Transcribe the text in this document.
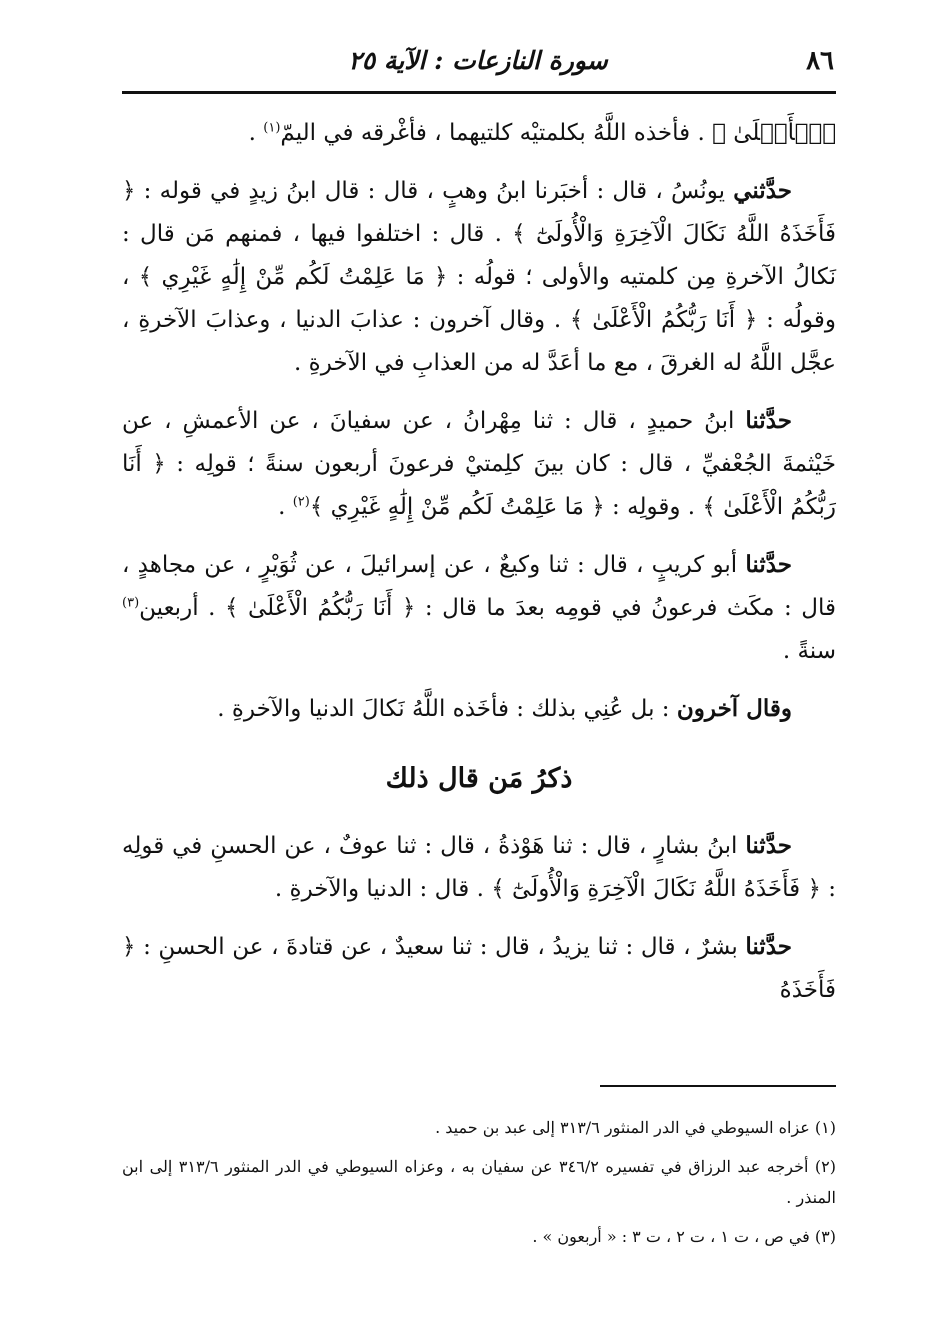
٨٦
سورة النازعات : الآية ٢٥

ﭐلۡأَعۡلَىٰ ﴾ . فأخذه اللَّهُ بكلمتيْه كلتيهما ، فأغْرقه في اليمّ$^{(١)}$ .

حدَّثني يونُسُ ، قال : أخبَرنا ابنُ وهبٍ ، قال : قال ابنُ زيدٍ في قوله : ﴿ فَأَخَذَهُ اللَّهُ نَكَالَ الْآخِرَةِ وَالْأُولَىٰٓ ﴾ . قال : اختلفوا فيها ، فمنهم مَن قال : نَكالُ الآخرةِ مِن كلمتيه والأولى ؛ قولُه : ﴿ مَا عَلِمْتُ لَكُم مِّنْ إِلَٰهٍ غَيْرِي ﴾ ، وقولُه : ﴿ أَنَا رَبُّكُمُ الْأَعْلَىٰ ﴾ . وقال آخرون : عذابَ الدنيا ، وعذابَ الآخرةِ ، عجَّل اللَّهُ له الغرقَ ، مع ما أعَدَّ له من العذابِ في الآخرةِ .

حدَّثنا ابنُ حميدٍ ، قال : ثنا مِهْرانُ ، عن سفيانَ ، عن الأعمشِ ، عن خَيْثمةَ الجُعْفيِّ ، قال : كان بينَ كلِمتيْ فرعونَ أربعون سنةً ؛ قولِه : ﴿ أَنَا رَبُّكُمُ الْأَعْلَىٰ ﴾ . وقولِه : ﴿ مَا عَلِمْتُ لَكُم مِّنْ إِلَٰهٍ غَيْرِي ﴾$^{(٢)}$ .

حدَّثنا أبو كريبٍ ، قال : ثنا وكيعٌ ، عن إسرائيلَ ، عن ثُوَيْرٍ ، عن مجاهدٍ ، قال : مكَث فرعونُ في قومِه بعدَ ما قال : ﴿ أَنَا رَبُّكُمُ الْأَعْلَىٰ ﴾ . أربعين$^{(٣)}$ سنةً .

وقال آخرون : بل عُنِي بذلك : فأخَذه اللَّهُ نَكالَ الدنيا والآخرةِ .

ذكرُ مَن قال ذلك

حدَّثنا ابنُ بشارٍ ، قال : ثنا هَوْذةُ ، قال : ثنا عوفٌ ، عن الحسنِ في قولِه : ﴿ فَأَخَذَهُ اللَّهُ نَكَالَ الْآخِرَةِ وَالْأُولَىٰٓ ﴾ . قال : الدنيا والآخرةِ .

حدَّثنا بشرٌ ، قال : ثنا يزيدُ ، قال : ثنا سعيدٌ ، عن قتادةَ ، عن الحسنِ : ﴿ فَأَخَذَهُ

(١) عزاه السيوطي في الدر المنثور ٣١٣/٦ إلى عبد بن حميد .

(٢) أخرجه عبد الرزاق في تفسيره ٣٤٦/٢ عن سفيان به ، وعزاه السيوطي في الدر المنثور ٣١٣/٦ إلى ابن المنذر .

(٣) في ص ، ت ١ ، ت ٢ ، ت ٣ : « أربعون » .
